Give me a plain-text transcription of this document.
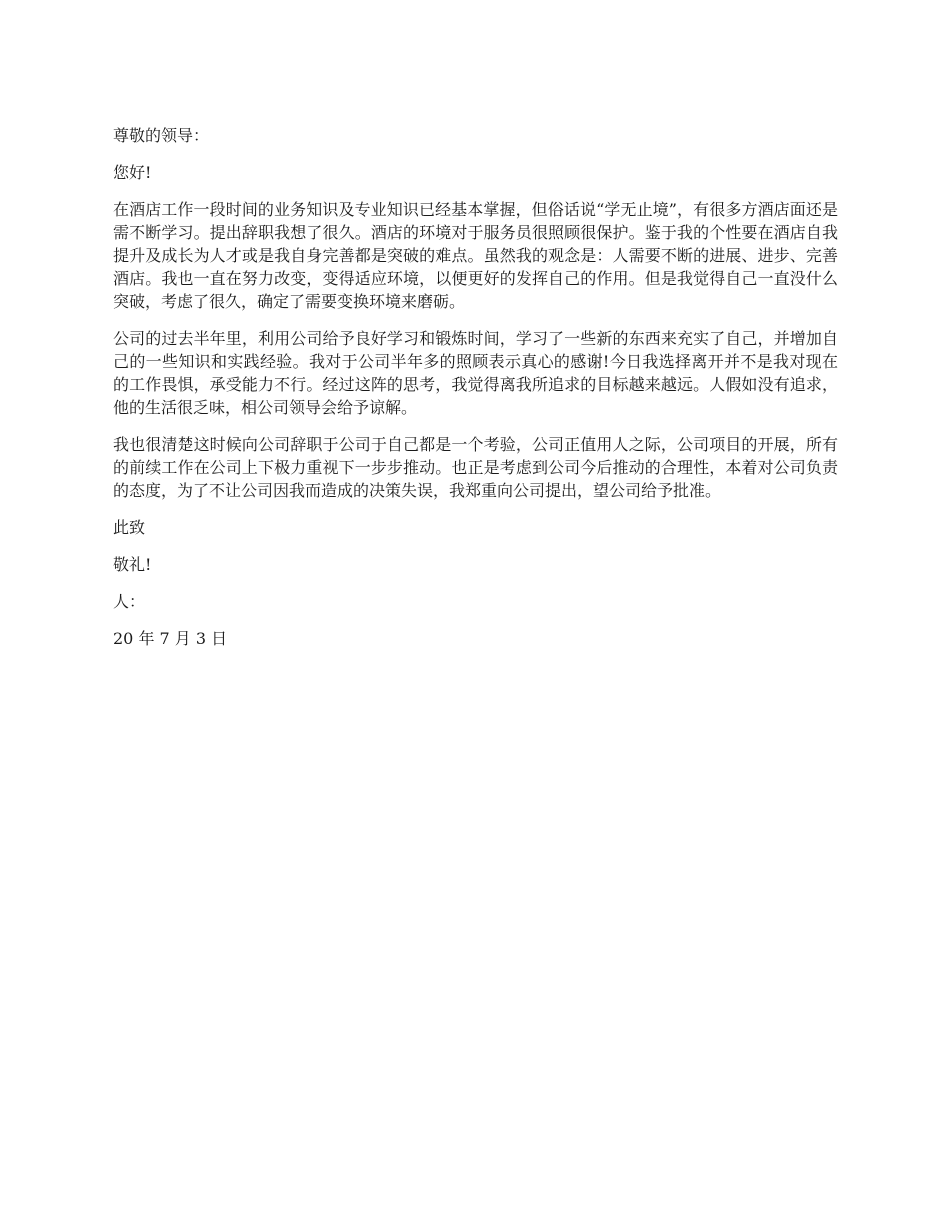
尊敬的领导：

您好!

在酒店工作一段时间的业务知识及专业知识已经基本掌握，但俗话说“学无止境”，有很多方酒店面还是需不断学习。提出辞职我想了很久。酒店的环境对于服务员很照顾很保护。鉴于我的个性要在酒店自我提升及成长为人才或是我自身完善都是突破的难点。虽然我的观念是：人需要不断的进展、进步、完善酒店。我也一直在努力改变，变得适应环境，以便更好的发挥自己的作用。但是我觉得自己一直没什么突破，考虑了很久，确定了需要变换环境来磨砺。

公司的过去半年里，利用公司给予良好学习和锻炼时间，学习了一些新的东西来充实了自己，并增加自己的一些知识和实践经验。我对于公司半年多的照顾表示真心的感谢!今日我选择离开并不是我对现在的工作畏惧，承受能力不行。经过这阵的思考，我觉得离我所追求的目标越来越远。人假如没有追求，他的生活很乏味，相公司领导会给予谅解。

我也很清楚这时候向公司辞职于公司于自己都是一个考验，公司正值用人之际，公司项目的开展，所有的前续工作在公司上下极力重视下一步步推动。也正是考虑到公司今后推动的合理性，本着对公司负责的态度，为了不让公司因我而造成的决策失误，我郑重向公司提出，望公司给予批准。

此致

敬礼!

人：

20 年 7 月 3 日
